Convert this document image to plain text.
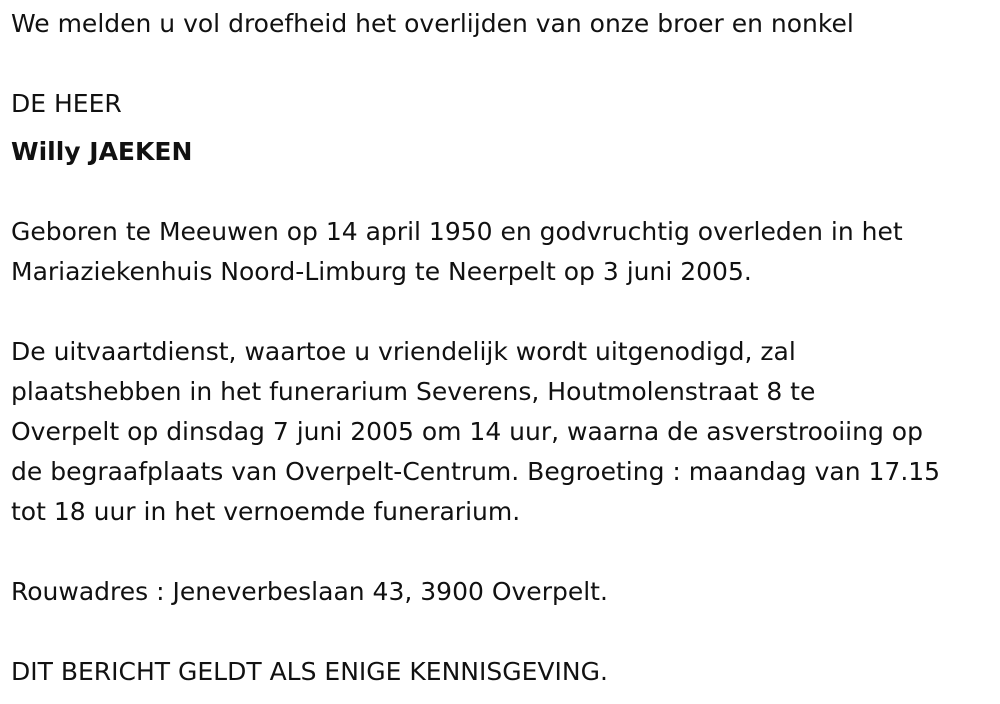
We melden u vol droefheid het overlijden van onze broer en nonkel
DE HEER
Willy JAEKEN
Geboren te Meeuwen op 14 april 1950 en godvruchtig overleden in het
Mariaziekenhuis Noord-Limburg te Neerpelt op 3 juni 2005.
De uitvaartdienst, waartoe u vriendelijk wordt uitgenodigd, zal
plaatshebben in het funerarium Severens, Houtmolenstraat 8 te
Overpelt op dinsdag 7 juni 2005 om 14 uur, waarna de asverstrooiing op
de begraafplaats van Overpelt-Centrum. Begroeting : maandag van 17.15
tot 18 uur in het vernoemde funerarium.
Rouwadres : Jeneverbeslaan 43, 3900 Overpelt.
DIT BERICHT GELDT ALS ENIGE KENNISGEVING.
